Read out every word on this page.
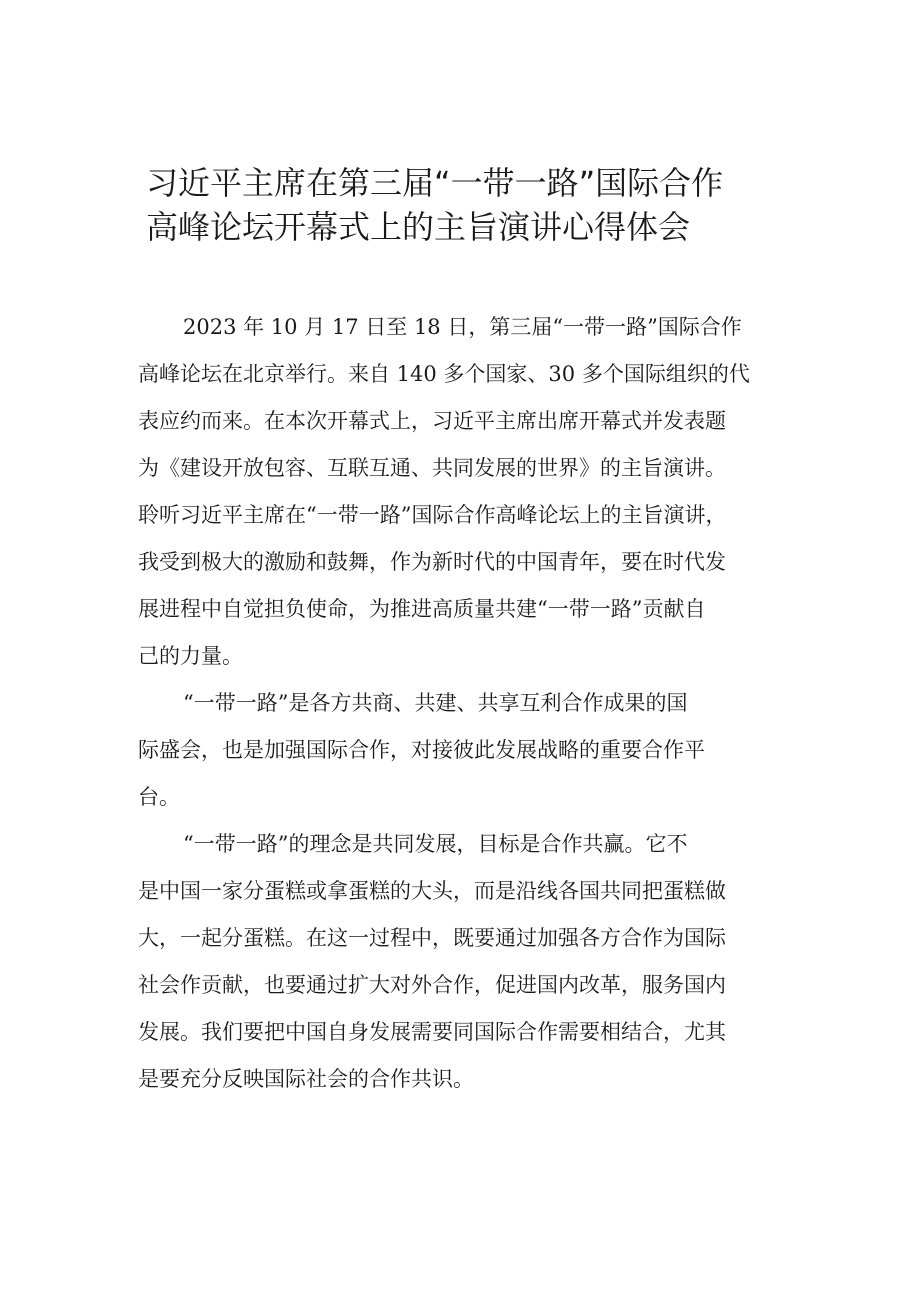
习近平主席在第三届“一带一路”国际合作
高峰论坛开幕式上的主旨演讲心得体会
2023 年 10 月 17 日至 18 日，第三届“一带一路”国际合作
高峰论坛在北京举行。来自 140 多个国家、30 多个国际组织的代
表应约而来。在本次开幕式上，习近平主席出席开幕式并发表题
为《建设开放包容、互联互通、共同发展的世界》的主旨演讲。
聆听习近平主席在“一带一路”国际合作高峰论坛上的主旨演讲，
我受到极大的激励和鼓舞，作为新时代的中国青年，要在时代发
展进程中自觉担负使命，为推进高质量共建“一带一路”贡献自
己的力量。
“一带一路”是各方共商、共建、共享互利合作成果的国
际盛会，也是加强国际合作，对接彼此发展战略的重要合作平
台。
“一带一路”的理念是共同发展，目标是合作共赢。它不
是中国一家分蛋糕或拿蛋糕的大头，而是沿线各国共同把蛋糕做
大，一起分蛋糕。在这一过程中，既要通过加强各方合作为国际
社会作贡献，也要通过扩大对外合作，促进国内改革，服务国内
发展。我们要把中国自身发展需要同国际合作需要相结合，尤其
是要充分反映国际社会的合作共识。
